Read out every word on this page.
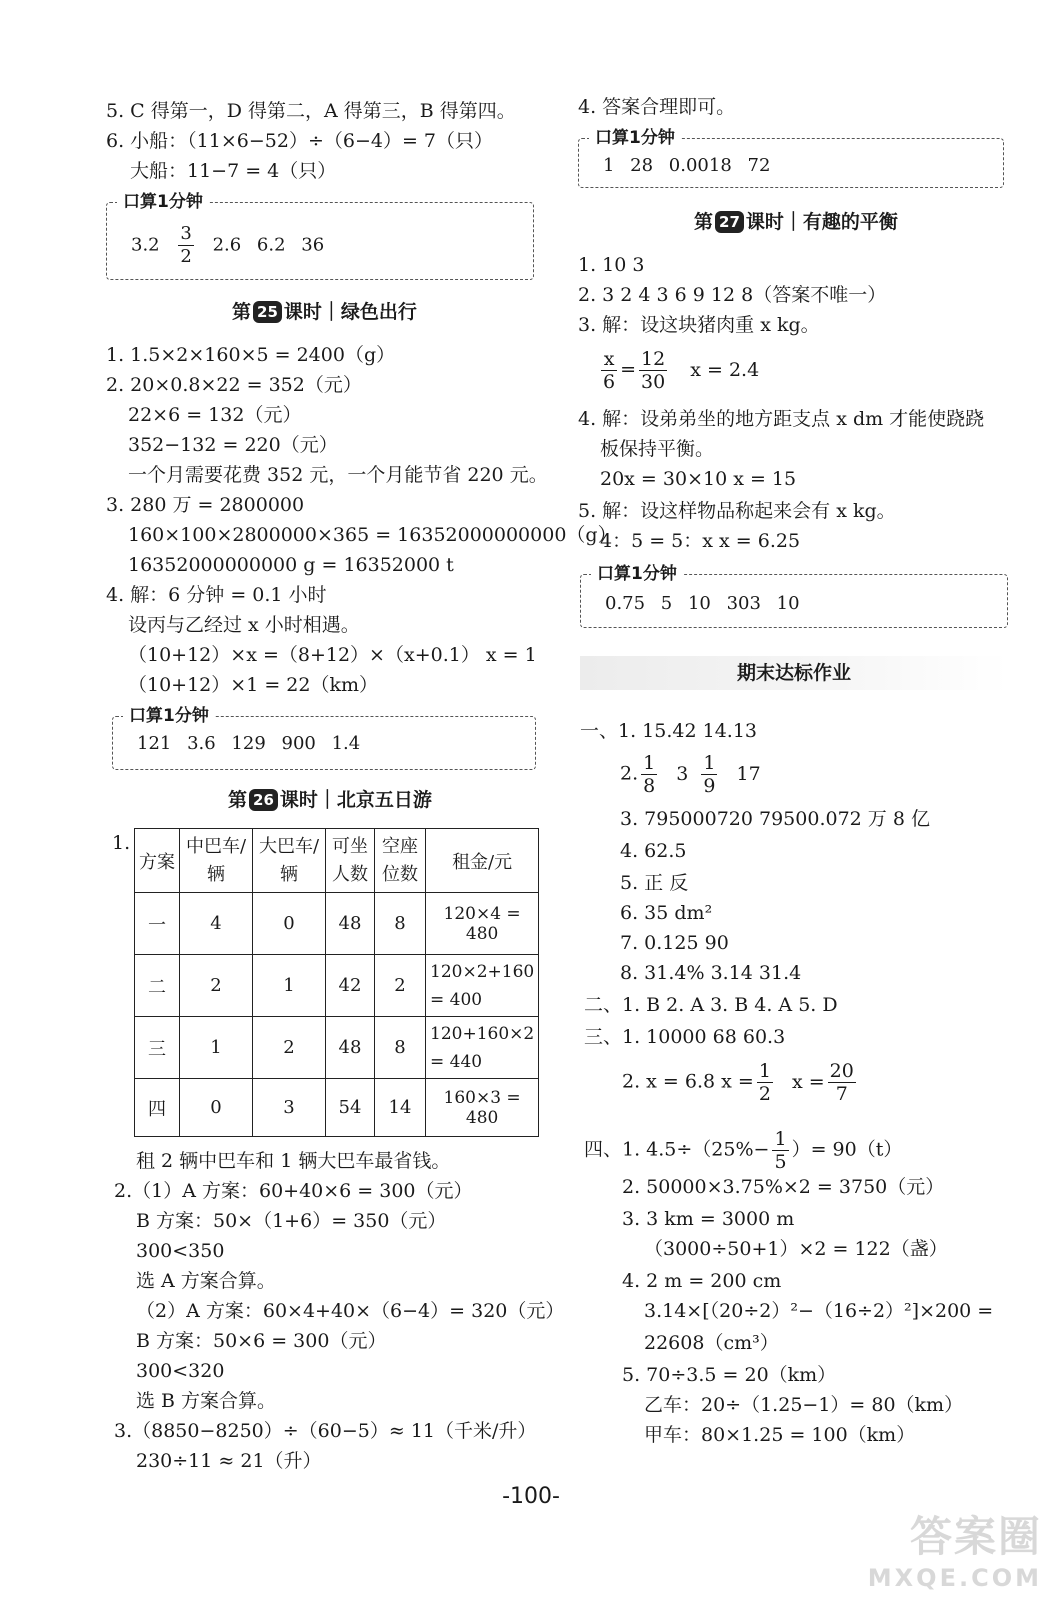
5. C 得第一，D 得第二，A 得第三，B 得第四。
6. 小船：（11×6−52）÷（6−4）= 7（只）
大船：11−7 = 4（只）
口算1分钟
$3.2 \frac{3}{2} 2.6$ 6.2 36
第 25 课时｜绿色出行
1. 1.5×2×160×5 = 2400（g）
2. 20×0.8×22 = 352（元）
22×6 = 132（元）
352−132 = 220（元）
一个月需要花费 352 元，一个月能节省 220 元。
3. 280 万 = 2800000
160×100×2800000×365 = 16352000000000（g）
16352000000000 g = 16352000 t
4. 解：6 分钟 = 0.1 小时
设丙与乙经过 x 小时相遇。
（10+12）×x =（8+12）×（x+0.1） x = 1
（10+12）×1 = 22（km）
口算1分钟
121 3.6 129 900 1.4
第 26 课时｜北京五日游
1.
方案	中巴车/辆	大巴车/辆	可坐人数	空座位数	租金/元
一	4	0	48	8	120×4 = 480
二	2	1	42	2	120×2+160 = 400
三	1	2	48	8	120+160×2 = 440
四	0	3	54	14	160×3 = 480
租 2 辆中巴车和 1 辆大巴车最省钱。
2.（1）A 方案：60+40×6 = 300（元）
B 方案：50×（1+6）= 350（元）
300<350
选 A 方案合算。
（2）A 方案：60×4+40×（6−4）= 320（元）
B 方案：50×6 = 300（元）
300<320
选 B 方案合算。
3.（8850−8250）÷（60−5）≈ 11（千米/升）
230÷11 ≈ 21（升）
4. 答案合理即可。
口算1分钟
1 28 0.0018 72
第 27 课时｜有趣的平衡
1. 10 3
2. 3 2 4 3 6 9 12 8（答案不唯一）
3. 解：设这块猪肉重 x kg。
$\frac{x}{6} = \frac{12}{30}$ x = 2.4
4. 解：设弟弟坐的地方距支点 x dm 才能使跷跷
板保持平衡。
20x = 30×10 x = 15
5. 解：设这样物品称起来会有 x kg。
4：5 = 5：x x = 6.25
口算1分钟
0.75 5 10 303 10
期末达标作业
一、1. 15.42 14.13
2. $\frac{1}{8} 3 \frac{1}{9} 17$
3. 795000720 79500.072 万 8 亿
4. 62.5
5. 正 反
6. 35 dm²
7. 0.125 90
8. 31.4% 3.14 31.4
二、1. B 2. A 3. B 4. A 5. D
三、1. 10000 68 60.3
2. x = 6.8 $x = \frac{1}{2}$ $x = \frac{20}{7}$
四、1. $4.5\div(25\%- \frac{1}{5}$ ）= 90（t）
2. 50000×3.75%×2 = 3750（元）
3. 3 km = 3000 m
（3000÷50+1）×2 = 122（盏）
4. 2 m = 200 cm
3.14×[（20÷2）²−（16÷2）²]×200 =
22608（cm³）
5. 70÷3.5 = 20（km）
乙车：20÷（1.25−1）= 80（km）
甲车：80×1.25 = 100（km）
-100-
答案圈
MXQE.COM
